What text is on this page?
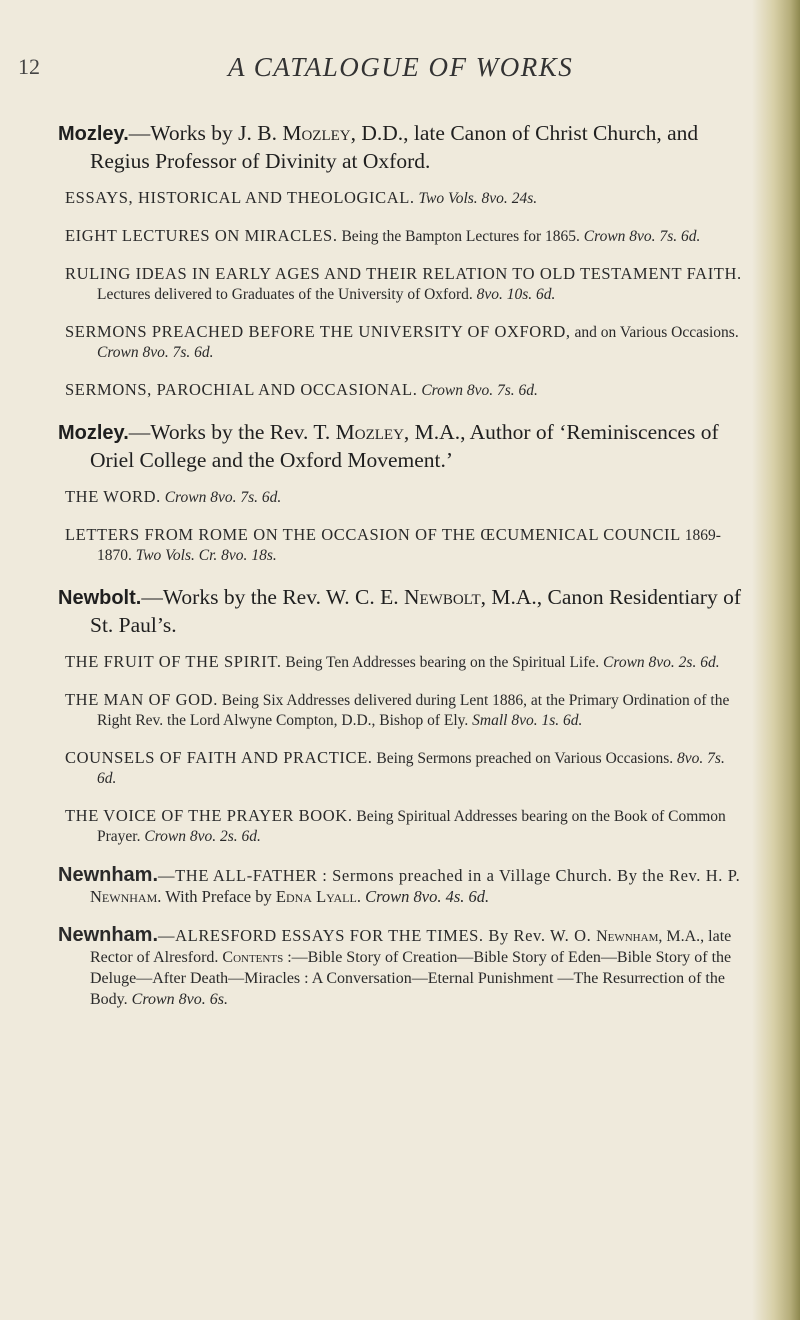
12	A CATALOGUE OF WORKS

Mozley.—Works by J. B. Mozley, D.D., late Canon of Christ Church, and Regius Professor of Divinity at Oxford.

ESSAYS, HISTORICAL AND THEOLOGICAL. Two Vols. 8vo. 24s.

EIGHT LECTURES ON MIRACLES. Being the Bampton Lectures for 1865. Crown 8vo. 7s. 6d.

RULING IDEAS IN EARLY AGES AND THEIR RELATION TO OLD TESTAMENT FAITH. Lectures delivered to Graduates of the University of Oxford. 8vo. 10s. 6d.

SERMONS PREACHED BEFORE THE UNIVERSITY OF OXFORD, and on Various Occasions. Crown 8vo. 7s. 6d.

SERMONS, PAROCHIAL AND OCCASIONAL. Crown 8vo. 7s. 6d.

Mozley.—Works by the Rev. T. Mozley, M.A., Author of ‘Reminiscences of Oriel College and the Oxford Movement.’

THE WORD. Crown 8vo. 7s. 6d.

LETTERS FROM ROME ON THE OCCASION OF THE ŒCUMENICAL COUNCIL 1869-1870. Two Vols. Cr. 8vo. 18s.

Newbolt.—Works by the Rev. W. C. E. Newbolt, M.A., Canon Residentiary of St. Paul’s.

THE FRUIT OF THE SPIRIT. Being Ten Addresses bearing on the Spiritual Life. Crown 8vo. 2s. 6d.

THE MAN OF GOD. Being Six Addresses delivered during Lent 1886, at the Primary Ordination of the Right Rev. the Lord Alwyne Compton, D.D., Bishop of Ely. Small 8vo. 1s. 6d.

COUNSELS OF FAITH AND PRACTICE. Being Sermons preached on Various Occasions. 8vo. 7s. 6d.

THE VOICE OF THE PRAYER BOOK. Being Spiritual Addresses bearing on the Book of Common Prayer. Crown 8vo. 2s. 6d.

Newnham.—THE ALL-FATHER : Sermons preached in a Village Church. By the Rev. H. P. Newnham. With Preface by Edna Lyall. Crown 8vo. 4s. 6d.

Newnham.—ALRESFORD ESSAYS FOR THE TIMES. By Rev. W. O. Newnham, M.A., late Rector of Alresford. Contents :—Bible Story of Creation—Bible Story of Eden—Bible Story of the Deluge—After Death—Miracles : A Conversation—Eternal Punishment —The Resurrection of the Body. Crown 8vo. 6s.
